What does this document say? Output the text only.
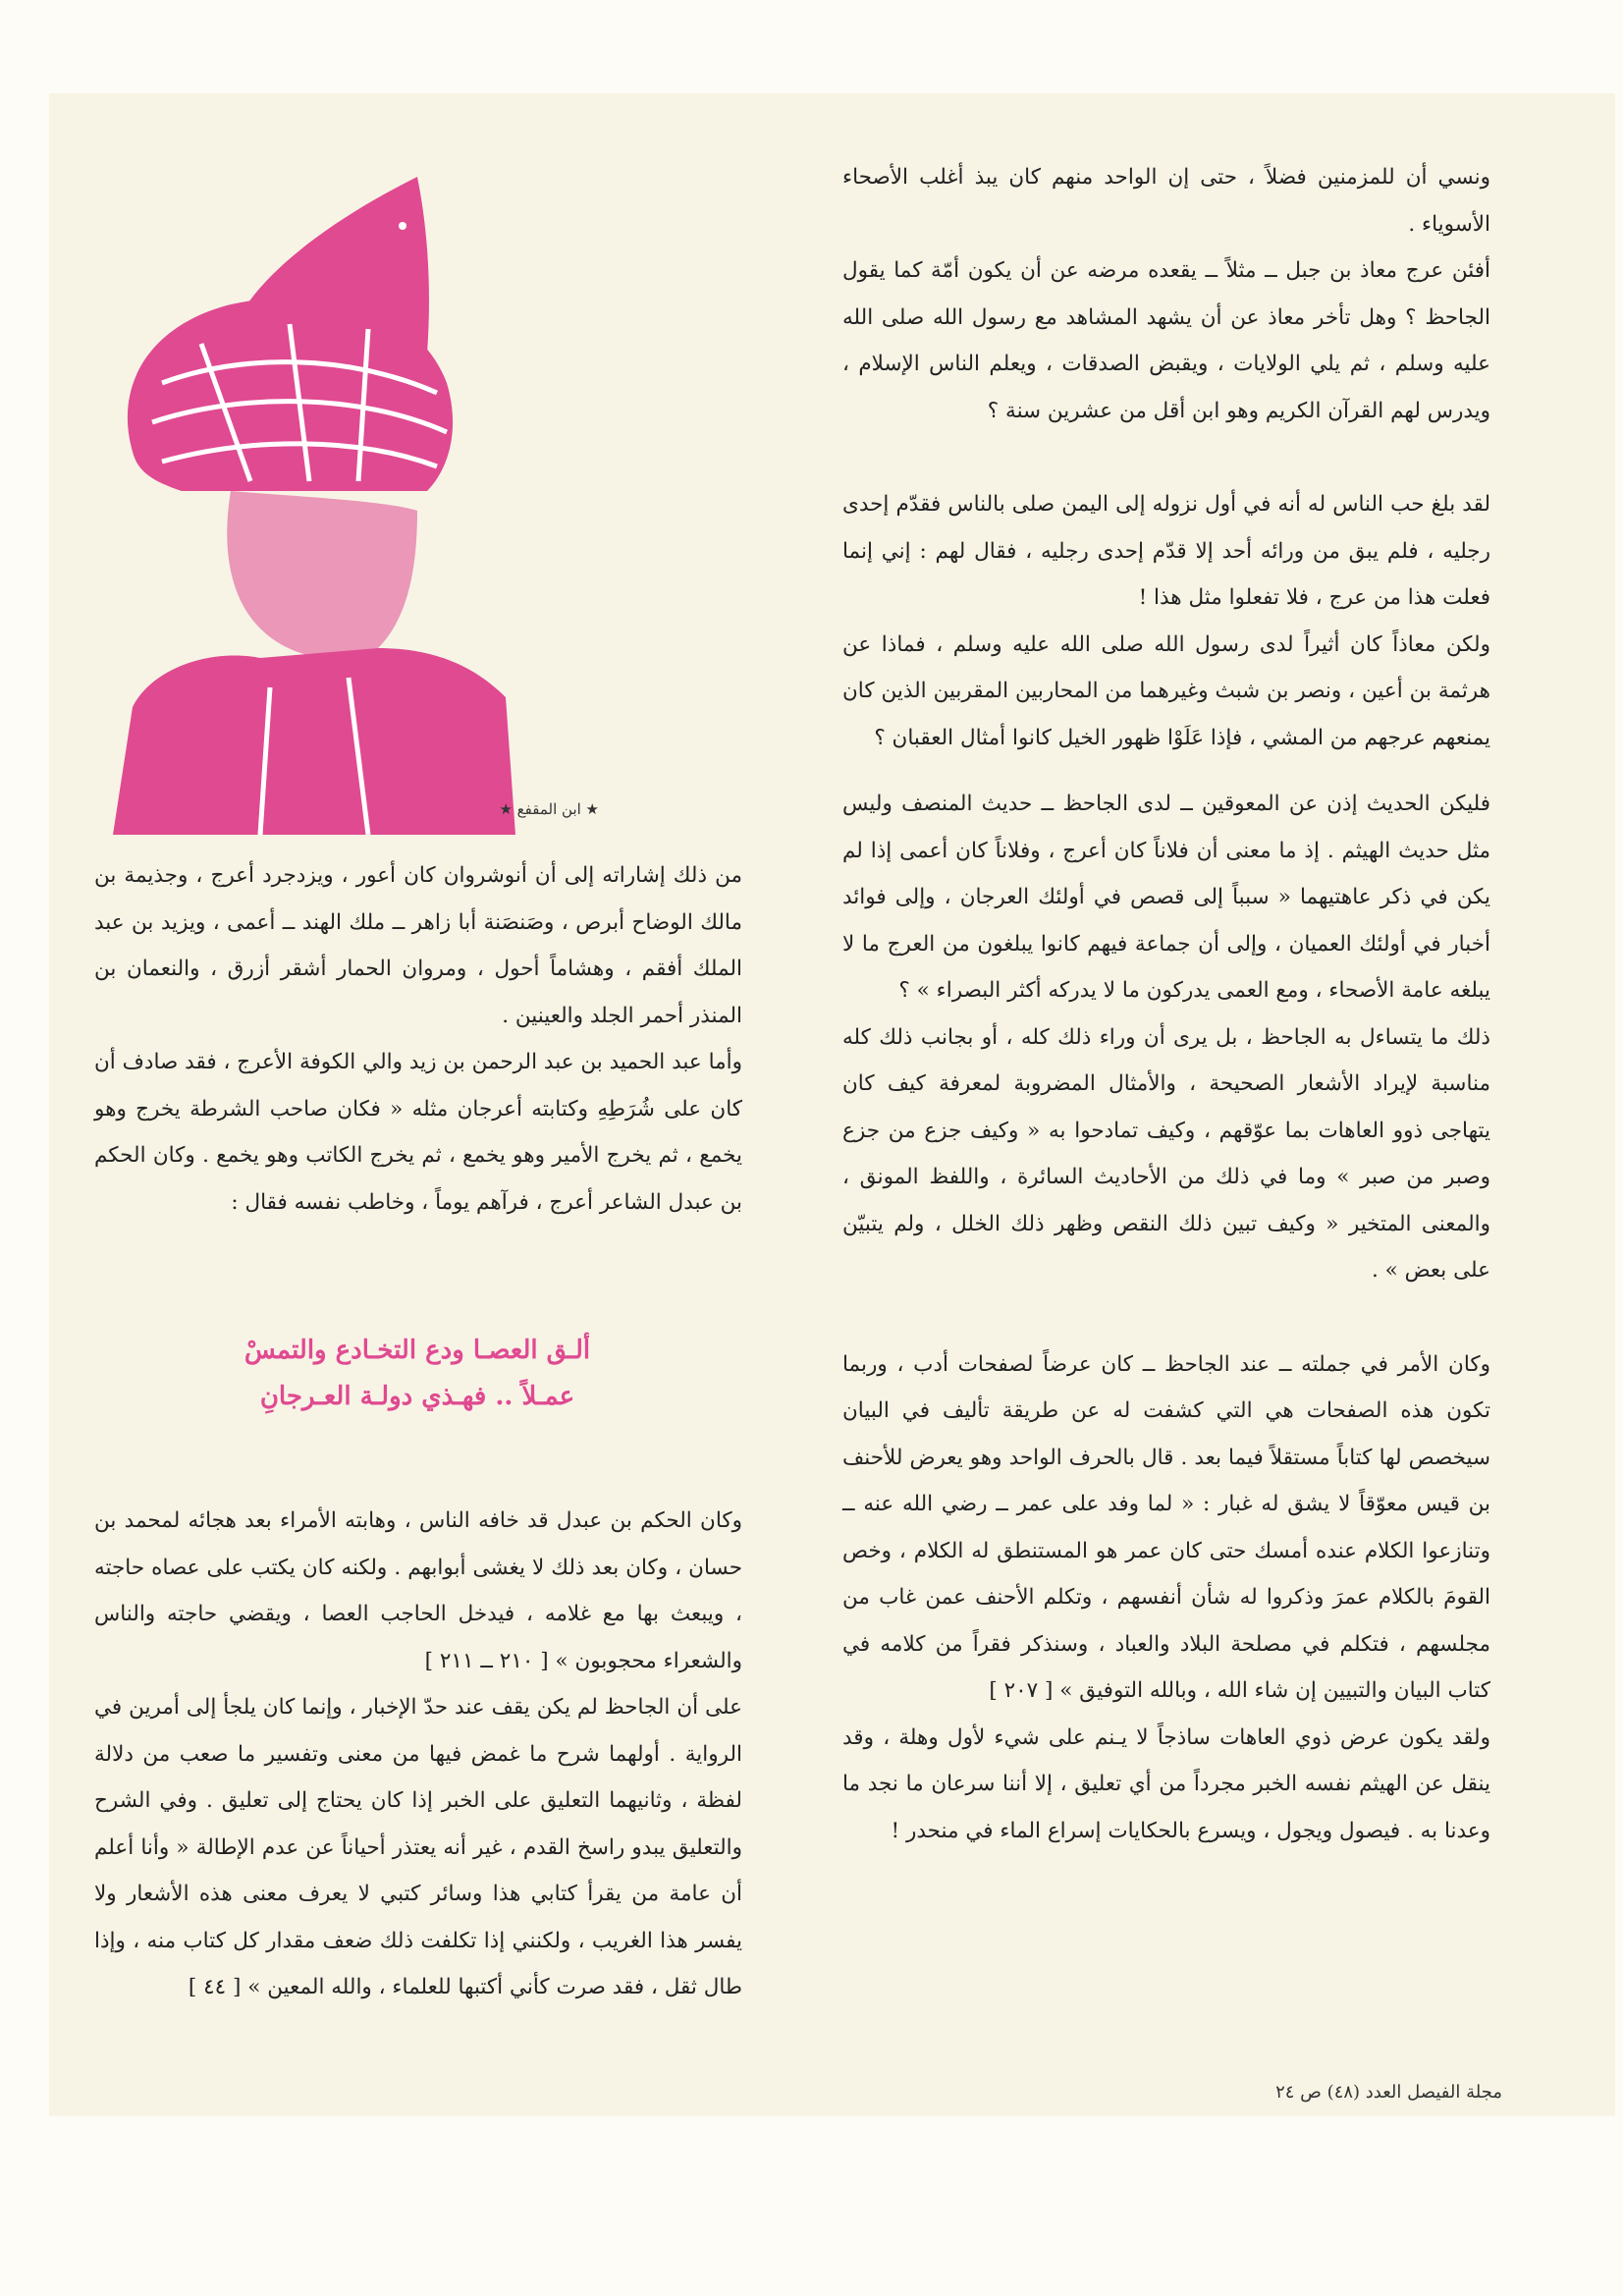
★ ابن المقفع ★

ونسي أن للمزمنين فضلاً ، حتى إن الواحد منهم كان يبذ أغلب الأصحاء الأسوياء .

أفئن عرج معاذ بن جبل ــ مثلاً ــ يقعده مرضه عن أن يكون أمّة كما يقول الجاحظ ؟ وهل تأخر معاذ عن أن يشهد المشاهد مع رسول الله صلى الله عليه وسلم ، ثم يلي الولايات ، ويقبض الصدقات ، ويعلم الناس الإسلام ، ويدرس لهم القرآن الكريم وهو ابن أقل من عشرين سنة ؟

لقد بلغ حب الناس له أنه في أول نزوله إلى اليمن صلى بالناس فقدّم إحدى رجليه ، فلم يبق من ورائه أحد إلا قدّم إحدى رجليه ، فقال لهم : إني إنما فعلت هذا من عرج ، فلا تفعلوا مثل هذا !

ولكن معاذاً كان أثيراً لدى رسول الله صلى الله عليه وسلم ، فماذا عن هرثمة بن أعين ، ونصر بن شبث وغيرهما من المحاربين المقربين الذين كان يمنعهم عرجهم من المشي ، فإذا عَلَوْا ظهور الخيل كانوا أمثال العقبان ؟

فليكن الحديث إذن عن المعوقين ــ لدى الجاحظ ــ حديث المنصف وليس مثل حديث الهيثم . إذ ما معنى أن فلاناً كان أعرج ، وفلاناً كان أعمى إذا لم يكن في ذكر عاهتيهما « سبباً إلى قصص في أولئك العرجان ، وإلى فوائد أخبار في أولئك العميان ، وإلى أن جماعة فيهم كانوا يبلغون من العرج ما لا يبلغه عامة الأصحاء ، ومع العمى يدركون ما لا يدركه أكثر البصراء » ؟

ذلك ما يتساءل به الجاحظ ، بل يرى أن وراء ذلك كله ، أو بجانب ذلك كله مناسبة لإيراد الأشعار الصحيحة ، والأمثال المضروبة لمعرفة كيف كان يتهاجى ذوو العاهات بما عوّقهم ، وكيف تمادحوا به « وكيف جزع من جزع وصبر من صبر » وما في ذلك من الأحاديث السائرة ، واللفظ المونق ، والمعنى المتخير « وكيف تبين ذلك النقص وظهر ذلك الخلل ، ولم يتبيّن على بعض » .

وكان الأمر في جملته ــ عند الجاحظ ــ كان عرضاً لصفحات أدب ، وربما تكون هذه الصفحات هي التي كشفت له عن طريقة تأليف في البيان سيخصص لها كتاباً مستقلاً فيما بعد . قال بالحرف الواحد وهو يعرض للأحنف بن قيس معوّقاً لا يشق له غبار : « لما وفد على عمر ــ رضي الله عنه ــ وتنازعوا الكلام عنده أمسك حتى كان عمر هو المستنطق له الكلام ، وخص القومَ بالكلام عمرَ وذكروا له شأن أنفسهم ، وتكلم الأحنف عمن غاب من مجلسهم ، فتكلم في مصلحة البلاد والعباد ، وسنذكر فقراً من كلامه في كتاب البيان والتبيين إن شاء الله ، وبالله التوفيق » [ ٢٠٧ ]

ولقد يكون عرض ذوي العاهات ساذجاً لا يـنم على شيء لأول وهلة ، وقد ينقل عن الهيثم نفسه الخبر مجرداً من أي تعليق ، إلا أننا سرعان ما نجد ما وعدنا به . فيصول ويجول ، ويسرع بالحكايات إسراع الماء في منحدر !

من ذلك إشاراته إلى أن أنوشروان كان أعور ، ويزدجرد أعرج ، وجذيمة بن مالك الوضاح أبرص ، وصَنصَنة أبا زاهر ــ ملك الهند ــ أعمى ، ويزيد بن عبد الملك أفقم ، وهشاماً أحول ، ومروان الحمار أشقر أزرق ، والنعمان بن المنذر أحمر الجلد والعينين .

وأما عبد الحميد بن عبد الرحمن بن زيد والي الكوفة الأعرج ، فقد صادف أن كان على شُرَطِهِ وكتابته أعرجان مثله « فكان صاحب الشرطة يخرج وهو يخمع ، ثم يخرج الأمير وهو يخمع ، ثم يخرج الكاتب وهو يخمع . وكان الحكم بن عبدل الشاعر أعرج ، فرآهم يوماً ، وخاطب نفسه فقال :

ألـق العصـا ودع التخـادع والتمسْ

عمـلاً .. فهـذي دولـة العـرجانِ

وكان الحكم بن عبدل قد خافه الناس ، وهابته الأمراء بعد هجائه لمحمد بن حسان ، وكان بعد ذلك لا يغشى أبوابهم . ولكنه كان يكتب على عصاه حاجته ، ويبعث بها مع غلامه ، فيدخل الحاجب العصا ، ويقضي حاجته والناس والشعراء محجوبون » [ ٢١٠ ــ ٢١١ ]

على أن الجاحظ لم يكن يقف عند حدّ الإخبار ، وإنما كان يلجأ إلى أمرين في الرواية . أولهما شرح ما غمض فيها من معنى وتفسير ما صعب من دلالة لفظة ، وثانيهما التعليق على الخبر إذا كان يحتاج إلى تعليق . وفي الشرح والتعليق يبدو راسخ القدم ، غير أنه يعتذر أحياناً عن عدم الإطالة « وأنا أعلم أن عامة من يقرأ كتابي هذا وسائر كتبي لا يعرف معنى هذه الأشعار ولا يفسر هذا الغريب ، ولكنني إذا تكلفت ذلك ضعف مقدار كل كتاب منه ، وإذا طال ثقل ، فقد صرت كأني أكتبها للعلماء ، والله المعين » [ ٤٤ ]

مجلة الفيصل العدد (٤٨) ص ٢٤
